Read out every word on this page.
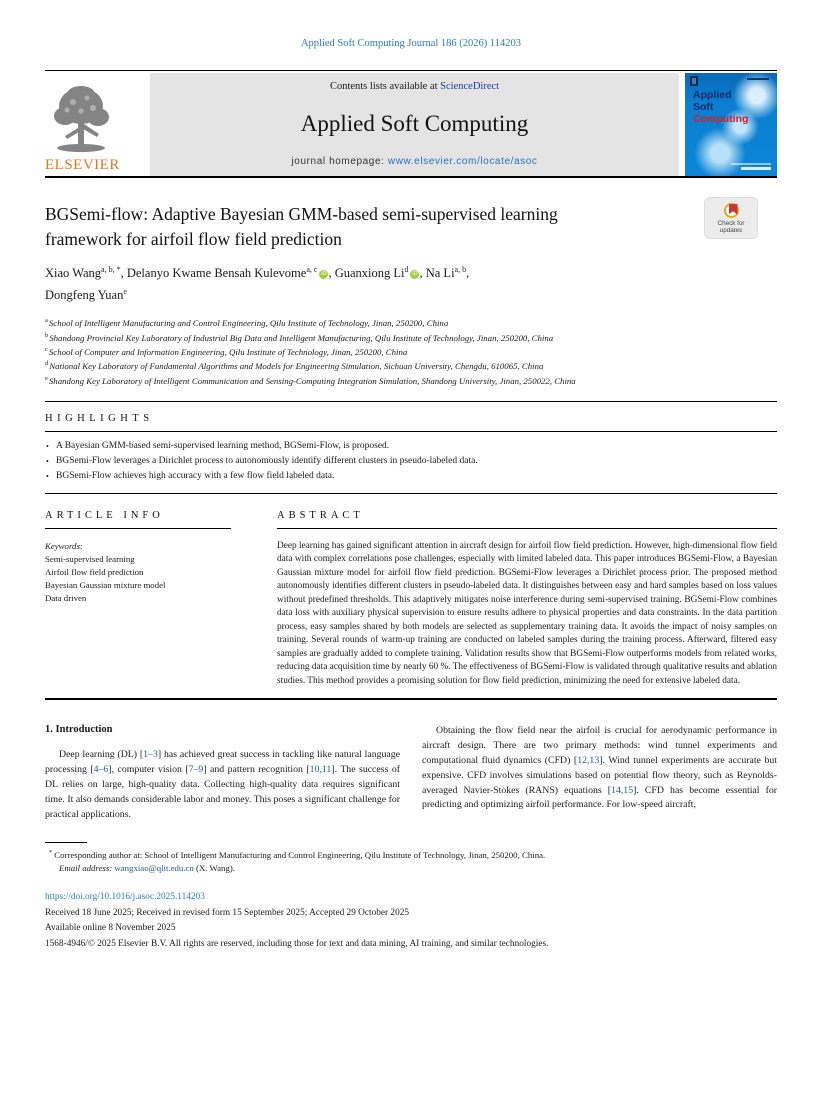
Applied Soft Computing Journal 186 (2026) 114203
ELSEVIER
Contents lists available at ScienceDirect
Applied Soft Computing
journal homepage: www.elsevier.com/locate/asoc
Applied
Soft
Computing
Check for
updates
BGSemi-flow: Adaptive Bayesian GMM-based semi-supervised learning
framework for airfoil flow field prediction
Xiao Wang$^{a, b, *}$, Delanyo Kwame Bensah Kulevome$^{a, c}$iD , Guanxiong Li$^d$iD , Na Li$^{a, b}$,
Dongfeng Yuan$^e$
$^a$School of Intelligent Manufacturing and Control Engineering, Qilu Institute of Technology, Jinan, 250200, China
$^b$Shandong Provincial Key Laboratory of Industrial Big Data and Intelligent Manufacturing, Qilu Institute of Technology, Jinan, 250200, China
$^c$School of Computer and Information Engineering, Qilu Institute of Technology, Jinan, 250200, China
$^d$National Key Laboratory of Fundamental Algorithms and Models for Engineering Simulation, Sichuan University, Chengdu, 610065, China
$^e$Shandong Key Laboratory of Intelligent Communication and Sensing-Computing Integration Simulation, Shandong University, Jinan, 250022, China
HIGHLIGHTS
• A Bayesian GMM-based semi-supervised learning method, BGSemi-Flow, is proposed.
• BGSemi-Flow leverages a Dirichlet process to autonomously identify different clusters in pseudo-labeled data.
• BGSemi-Flow achieves high accuracy with a few flow field labeled data.
ARTICLE INFO
Keywords:
Semi-supervised learning
Airfoil flow field prediction
Bayesian Gaussian mixture model
Data driven
ABSTRACT
Deep learning has gained significant attention in aircraft design for airfoil flow field prediction. However, high-dimensional flow field data with complex correlations pose challenges, especially with limited labeled data. This paper introduces BGSemi-Flow, a Bayesian Gaussian mixture model for airfoil flow field prediction. BGSemi-Flow leverages a Dirichlet process prior. The proposed method autonomously identifies different clusters in pseudo-labeled data. It distinguishes between easy and hard samples based on loss values without predefined thresholds. This adaptively mitigates noise interference during semi-supervised training. BGSemi-Flow combines data loss with auxiliary physical supervision to ensure results adhere to physical properties and data constraints. In the data partition process, easy samples shared by both models are selected as supplementary training data. It avoids the impact of noisy samples on training. Several rounds of warm-up training are conducted on labeled samples during the training process. Afterward, filtered easy samples are gradually added to complete training. Validation results show that BGSemi-Flow outperforms models from related works, reducing data acquisition time by nearly 60 %. The effectiveness of BGSemi-Flow is validated through qualitative results and ablation studies. This method provides a promising solution for flow field prediction, minimizing the need for extensive labeled data.
1. Introduction
Deep learning (DL) [1–3] has achieved great success in tackling like natural language processing [4–6], computer vision [7–9] and pattern recognition [10,11]. The success of DL relies on large, high-quality data. Collecting high-quality data requires significant time. It also demands considerable labor and money. This poses a significant challenge for practical applications.
Obtaining the flow field near the airfoil is crucial for aerodynamic performance in aircraft design. There are two primary methods: wind tunnel experiments and computational fluid dynamics (CFD) [12,13]. Wind tunnel experiments are accurate but expensive. CFD involves simulations based on potential flow theory, such as Reynolds-averaged Navier-Stokes (RANS) equations [14,15]. CFD has become essential for predicting and optimizing airfoil performance. For low-speed aircraft,
* Corresponding author at: School of Intelligent Manufacturing and Control Engineering, Qilu Institute of Technology, Jinan, 250200, China.
Email address: wangxiao@qlit.edu.cn (X. Wang).
https://doi.org/10.1016/j.asoc.2025.114203
Received 18 June 2025; Received in revised form 15 September 2025; Accepted 29 October 2025
Available online 8 November 2025
1568-4946/© 2025 Elsevier B.V. All rights are reserved, including those for text and data mining, AI training, and similar technologies.
